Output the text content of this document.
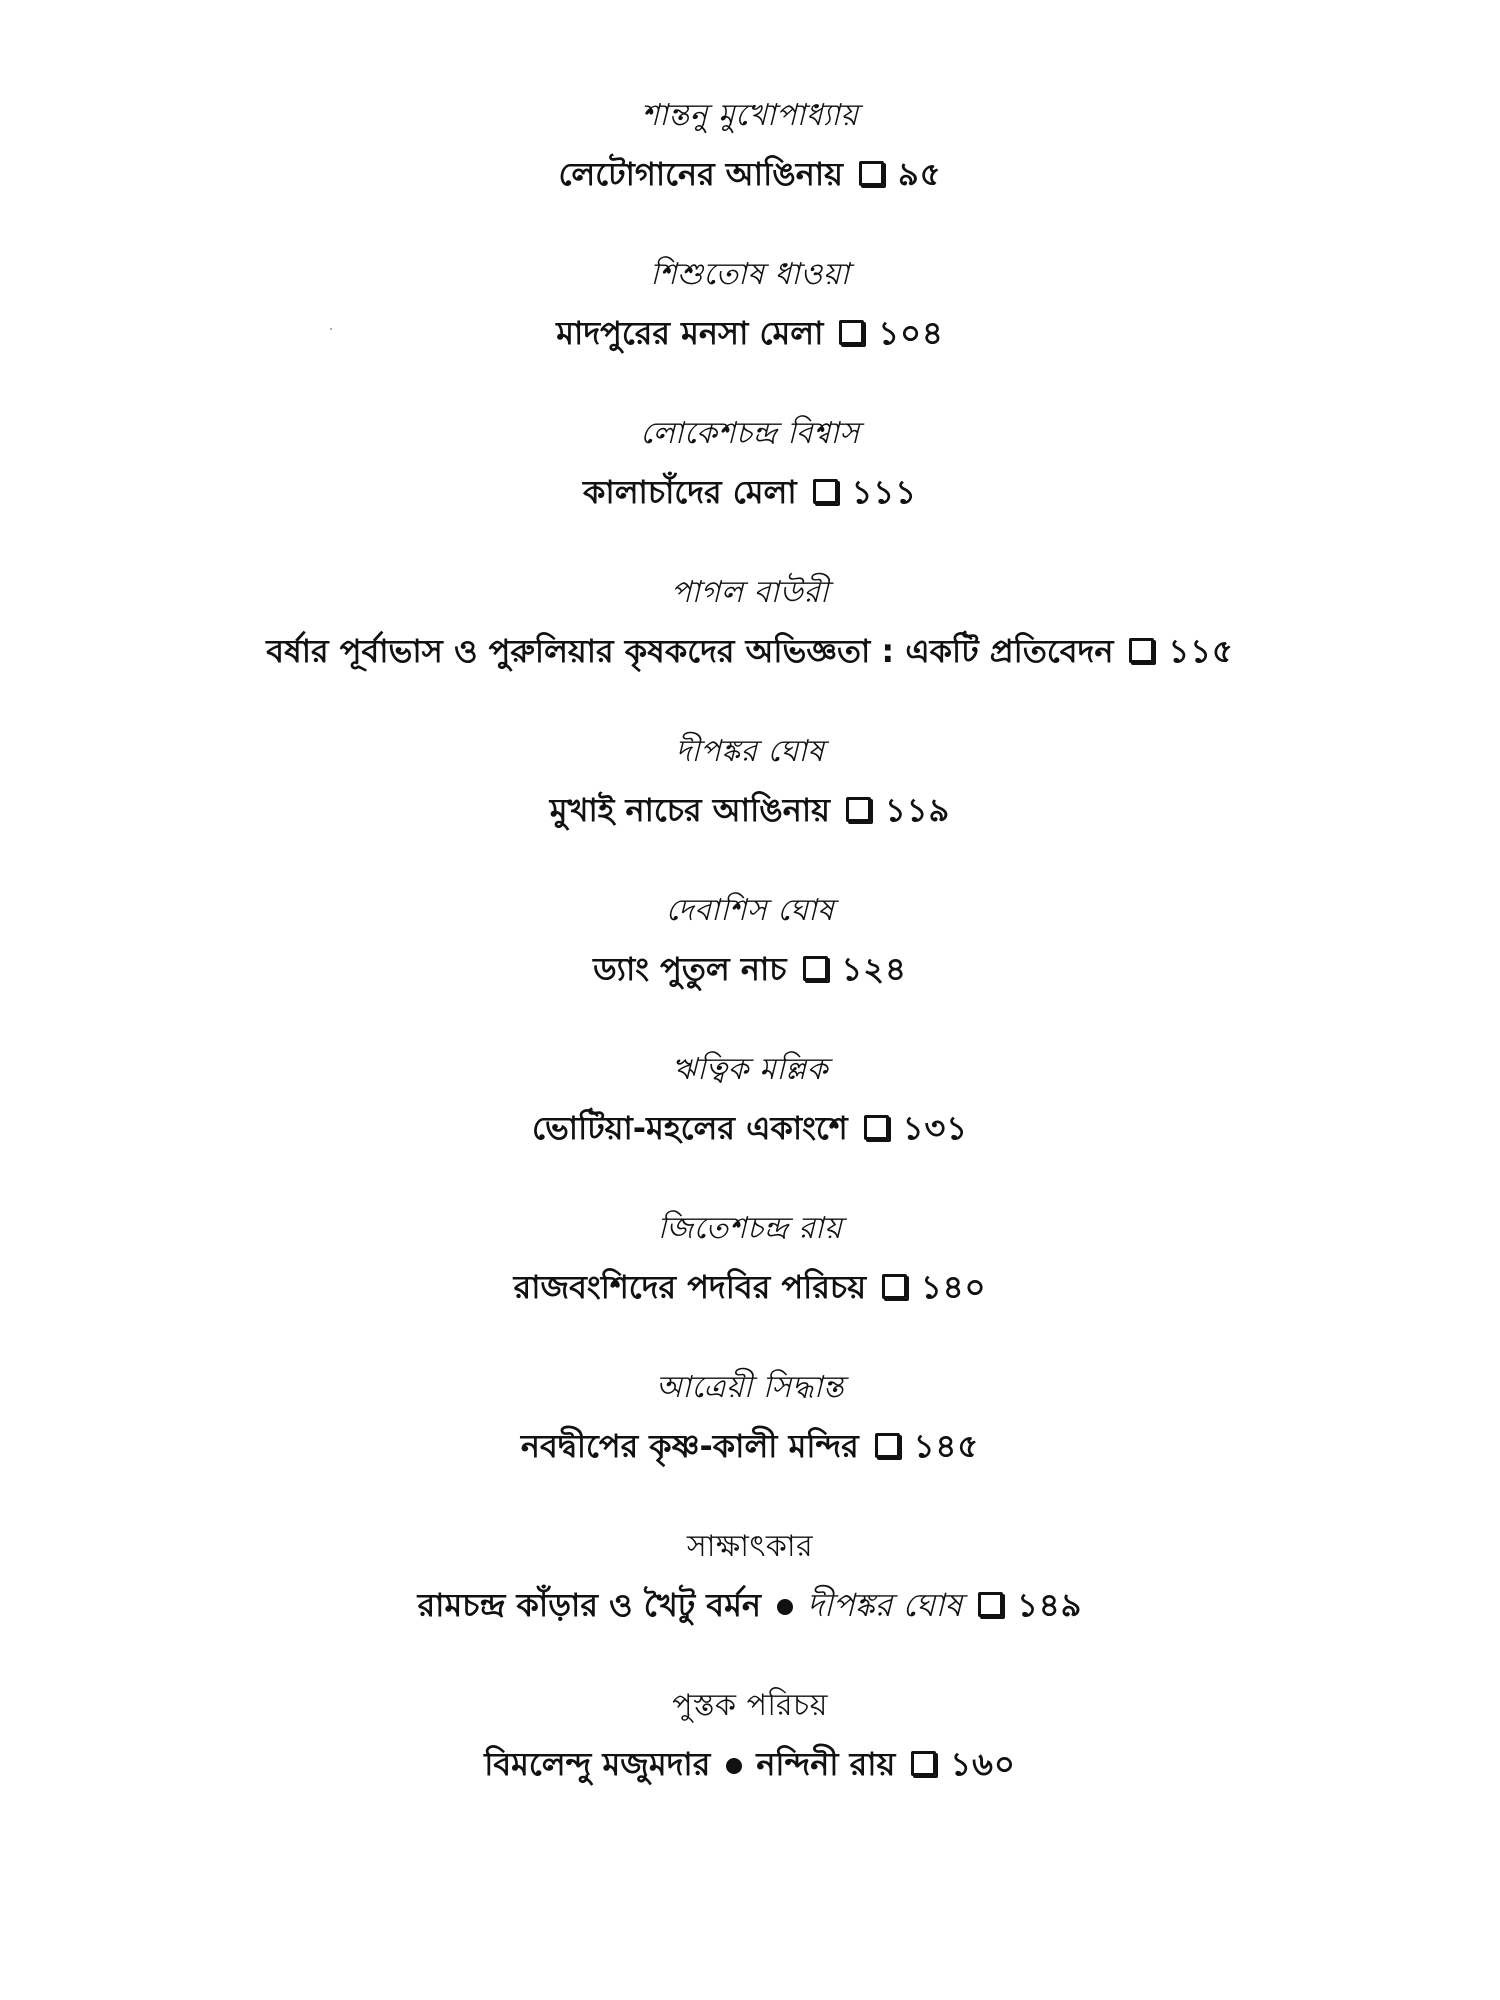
শান্তনু মুখোপাধ্যায়
লেটোগানের আঙিনায় ৯৫
শিশুতোষ ধাওয়া
মাদপুরের মনসা মেলা ১০৪
লোকেশচন্দ্র বিশ্বাস
কালাচাঁদের মেলা ১১১
পাগল বাউরী
বর্ষার পূর্বাভাস ও পুরুলিয়ার কৃষকদের অভিজ্ঞতা : একটি প্রতিবেদন ১১৫
দীপঙ্কর ঘোষ
মুখাই নাচের আঙিনায় ১১৯
দেবাশিস ঘোষ
ড্যাং পুতুল নাচ ১২৪
ঋত্বিক মল্লিক
ভোটিয়া-মহলের একাংশে ১৩১
জিতেশচন্দ্র রায়
রাজবংশিদের পদবির পরিচয় ১৪০
আত্রেয়ী সিদ্ধান্ত
নবদ্বীপের কৃষ্ণ-কালী মন্দির ১৪৫
সাক্ষাৎকার
রামচন্দ্র কাঁড়ার ও খৈটু বর্মন দীপঙ্কর ঘোষ ১৪৯
পুস্তক পরিচয়
বিমলেন্দু মজুমদার নন্দিনী রায় ১৬০
